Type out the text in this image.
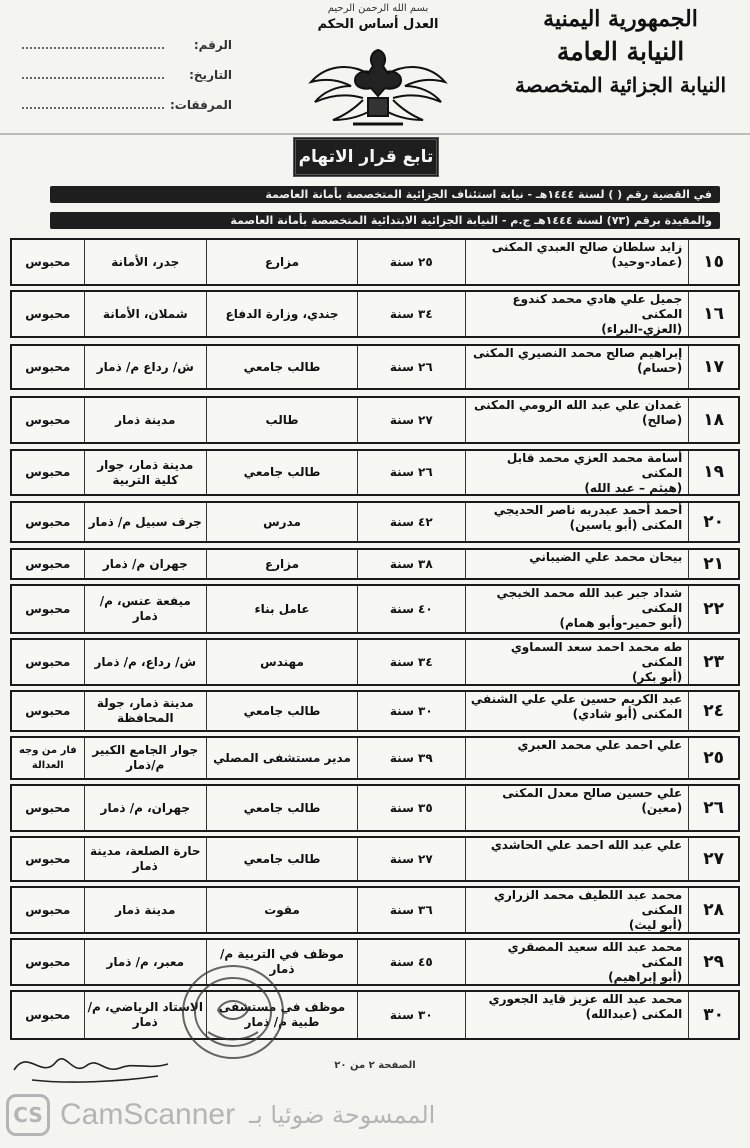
الجمهورية اليمنية
النيابة العامة
النيابة الجزائية المتخصصة
بسم الله الرحمن الرحيم
العدل أساس الحكم
الرقم:
التاريخ:
المرفقات:
تابع قرار الاتهام
في القضية رقم ( ) لسنة ١٤٤٤هـ - نيابة استئناف الجزائية المتخصصة بأمانة العاصمة
والمقيدة برقم (٧٣) لسنة ١٤٤٤هـ ج.م - النيابة الجزائية الابتدائية المتخصصة بأمانة العاصمة
١٥
زايد سلطان صالح العبدي المكنى
(عماد-وحيد)
٢٥ سنة
مزارع
جدر، الأمانة
محبوس
١٦
جميل علي هادي محمد كندوع المكنى
(العزي-البراء)
٣٤ سنة
جندي، وزارة الدفاع
شملان، الأمانة
محبوس
١٧
إبراهيم صالح محمد النصيري المكنى
(حسام)
٢٦ سنة
طالب جامعي
ش/ رداع م/ ذمار
محبوس
١٨
غمدان علي عبد الله الرومي المكنى
(صالح)
٢٧ سنة
طالب
مدينة ذمار
محبوس
١٩
أسامة محمد العزي محمد قابل المكنى
(هيثم – عبد الله)
٢٦ سنة
طالب جامعي
مدينة ذمار، جوار كلية التربية
محبوس
٢٠
أحمد أحمد عبدربه ناصر الحديجي
المكنى (أبو ياسين)
٤٢ سنة
مدرس
جرف سبيل م/ ذمار
محبوس
٢١
بيحان محمد علي الضيباني
٣٨ سنة
مزارع
جهران م/ ذمار
محبوس
٢٢
شداد جبر عبد الله محمد الخبجي المكنى
(أبو حمير-وأبو همام)
٤٠ سنة
عامل بناء
ميفعة عنس، م/ ذمار
محبوس
٢٣
طه محمد احمد سعد السماوي المكنى
(أبو بكر)
٣٤ سنة
مهندس
ش/ رداع، م/ ذمار
محبوس
٢٤
عبد الكريم حسين علي علي الشنفي
المكنى (أبو شادي)
٣٠ سنة
طالب جامعي
مدينة ذمار، جولة المحافظة
محبوس
٢٥
علي احمد علي محمد العبري
٣٩ سنة
مدير مستشفى المصلي
جوار الجامع الكبير م/ذمار
فار من وجه العدالة
٢٦
علي حسين صالح معدل المكنى
(معين)
٣٥ سنة
طالب جامعي
جهران، م/ ذمار
محبوس
٢٧
علي عبد الله احمد علي الحاشدي
٢٧ سنة
طالب جامعي
حارة الصلعة، مدينة ذمار
محبوس
٢٨
محمد عبد اللطيف محمد الزراري المكنى
(أبو ليث)
٣٦ سنة
مقوت
مدينة ذمار
محبوس
٢٩
محمد عبد الله سعيد المصقري المكنى
(أبو إبراهيم)
٤٥ سنة
موظف في التربية م/ ذمار
معبر، م/ ذمار
محبوس
٣٠
محمد عبد الله عزيز قايد الجعوري
المكنى (عبدالله)
٣٠ سنة
موظف في مستشفى طبية م/ ذمار
الاستاد الرياضي، م/ ذمار
محبوس
الصفحة ٢ من ٢٠
CS CamScanner الممسوحة ضوئيا بـ
